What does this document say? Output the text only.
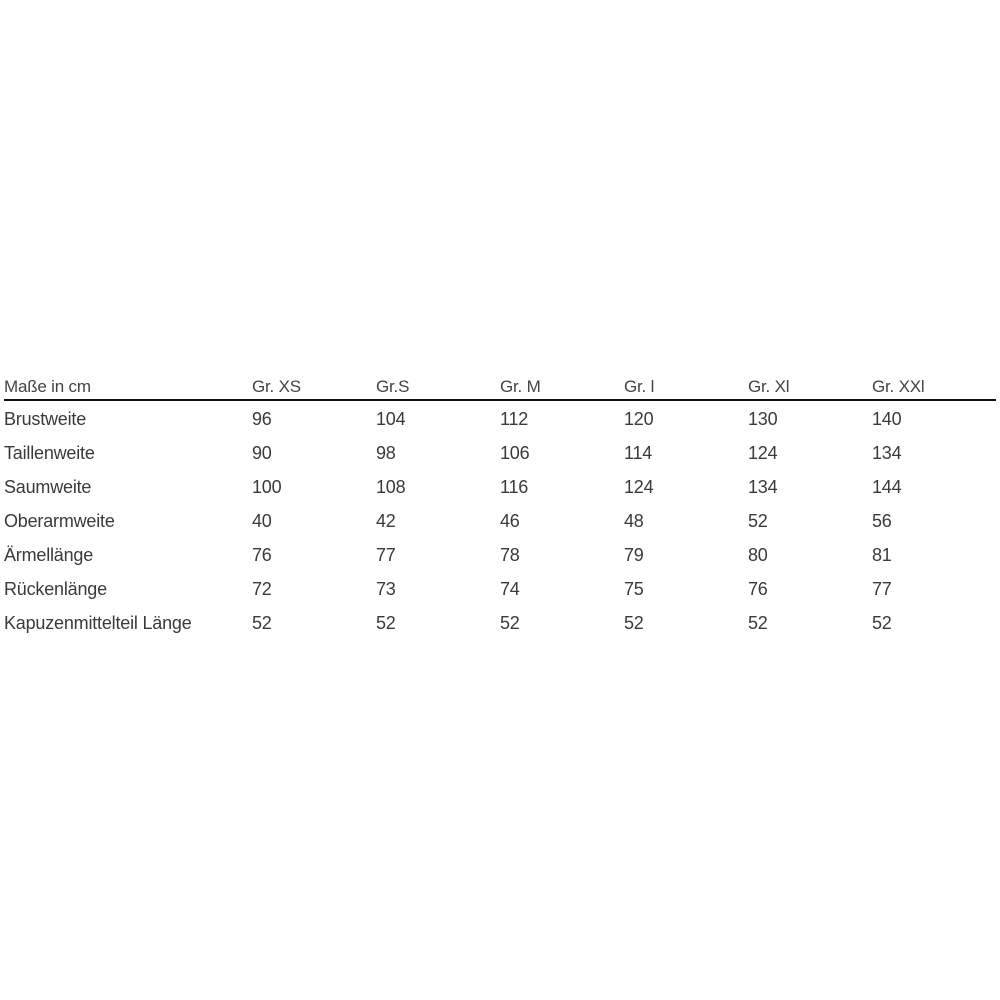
Maße in cm	Gr. XS	Gr.S	Gr. M	Gr. l	Gr. Xl	Gr. XXl
Brustweite	96	104	112	120	130	140
Taillenweite	90	98	106	114	124	134
Saumweite	100	108	116	124	134	144
Oberarmweite	40	42	46	48	52	56
Ärmellänge	76	77	78	79	80	81
Rückenlänge	72	73	74	75	76	77
Kapuzenmittelteil Länge	52	52	52	52	52	52
